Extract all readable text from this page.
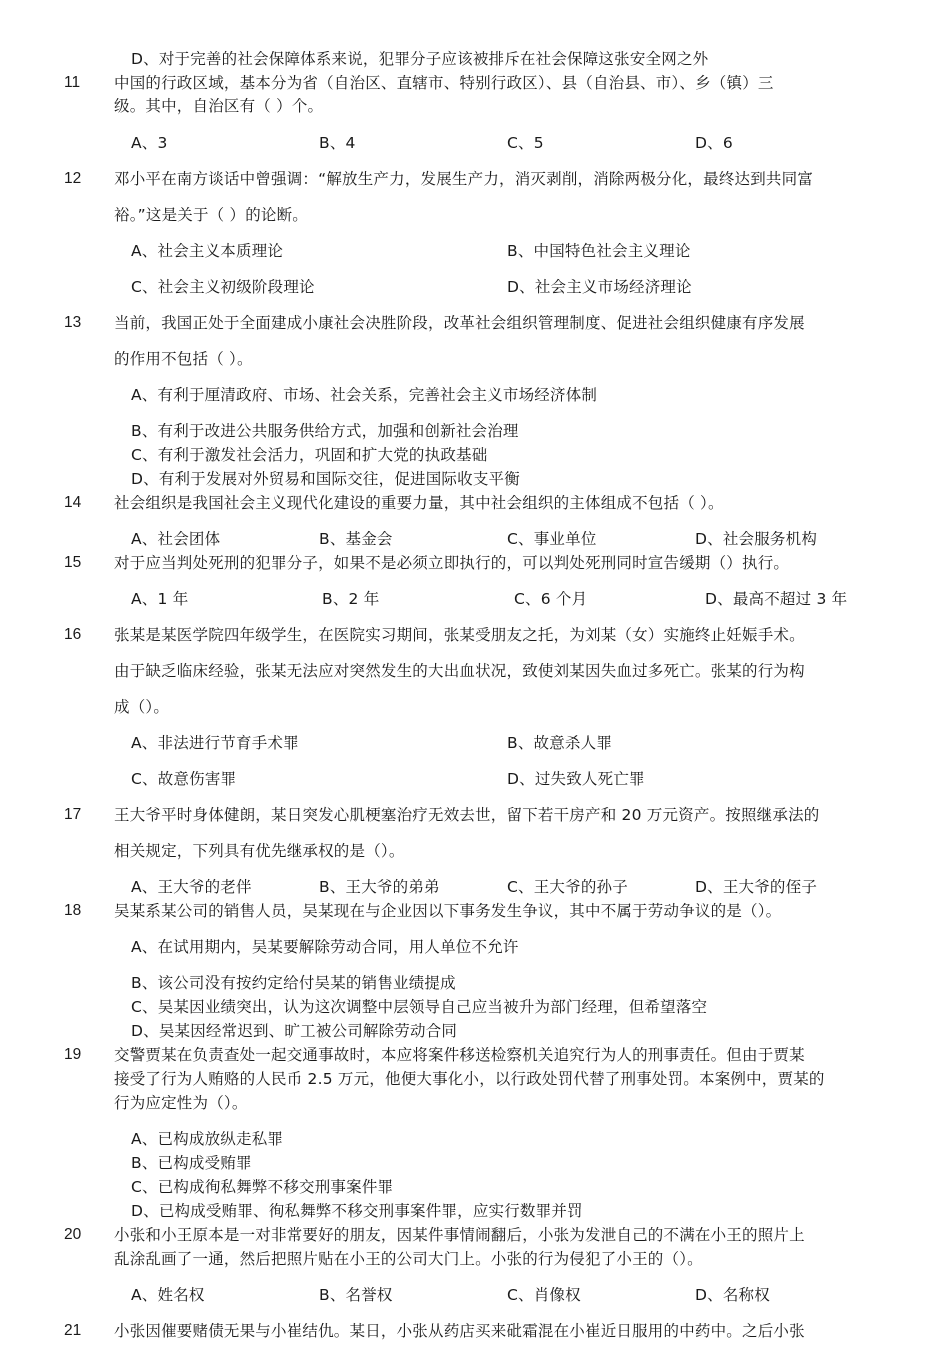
D、对于完善的社会保障体系来说，犯罪分子应该被排斥在社会保障这张安全网之外
11	中国的行政区域，基本分为省（自治区、直辖市、特别行政区）、县（自治县、市）、乡（镇）三
级。其中，自治区有（ ）个。
A、3	B、4	C、5	D、6
12	邓小平在南方谈话中曾强调：“解放生产力，发展生产力，消灭剥削，消除两极分化，最终达到共同富
裕。”这是关于（ ）的论断。
A、社会主义本质理论	B、中国特色社会主义理论
C、社会主义初级阶段理论	D、社会主义市场经济理论
13	当前，我国正处于全面建成小康社会决胜阶段，改革社会组织管理制度、促进社会组织健康有序发展
的作用不包括（ ）。
A、有利于厘清政府、市场、社会关系，完善社会主义市场经济体制
B、有利于改进公共服务供给方式，加强和创新社会治理
C、有利于激发社会活力，巩固和扩大党的执政基础
D、有利于发展对外贸易和国际交往，促进国际收支平衡
14	社会组织是我国社会主义现代化建设的重要力量，其中社会组织的主体组成不包括（ ）。
A、社会团体	B、基金会	C、事业单位	D、社会服务机构
15	对于应当判处死刑的犯罪分子，如果不是必须立即执行的，可以判处死刑同时宣告缓期（）执行。
A、1 年	B、2 年	C、6 个月	D、最高不超过 3 年
16	张某是某医学院四年级学生，在医院实习期间，张某受朋友之托，为刘某（女）实施终止妊娠手术。
由于缺乏临床经验，张某无法应对突然发生的大出血状况，致使刘某因失血过多死亡。张某的行为构
成（）。
A、非法进行节育手术罪	B、故意杀人罪
C、故意伤害罪	D、过失致人死亡罪
17	王大爷平时身体健朗，某日突发心肌梗塞治疗无效去世，留下若干房产和 20 万元资产。按照继承法的
相关规定，下列具有优先继承权的是（）。
A、王大爷的老伴	B、王大爷的弟弟	C、王大爷的孙子	D、王大爷的侄子
18	吴某系某公司的销售人员，吴某现在与企业因以下事务发生争议，其中不属于劳动争议的是（）。
A、在试用期内，吴某要解除劳动合同，用人单位不允许
B、该公司没有按约定给付吴某的销售业绩提成
C、吴某因业绩突出，认为这次调整中层领导自己应当被升为部门经理，但希望落空
D、吴某因经常迟到、旷工被公司解除劳动合同
19	交警贾某在负责查处一起交通事故时，本应将案件移送检察机关追究行为人的刑事责任。但由于贾某
接受了行为人贿赂的人民币 2.5 万元，他便大事化小，以行政处罚代替了刑事处罚。本案例中，贾某的
行为应定性为（）。
A、已构成放纵走私罪
B、已构成受贿罪
C、已构成徇私舞弊不移交刑事案件罪
D、已构成受贿罪、徇私舞弊不移交刑事案件罪，应实行数罪并罚
20	小张和小王原本是一对非常要好的朋友，因某件事情闹翻后，小张为发泄自己的不满在小王的照片上
乱涂乱画了一通，然后把照片贴在小王的公司大门上。小张的行为侵犯了小王的（）。
A、姓名权	B、名誉权	C、肖像权	D、名称权
21	小张因催要赌债无果与小崔结仇。某日，小张从药店买来砒霜混在小崔近日服用的中药中。之后小张
